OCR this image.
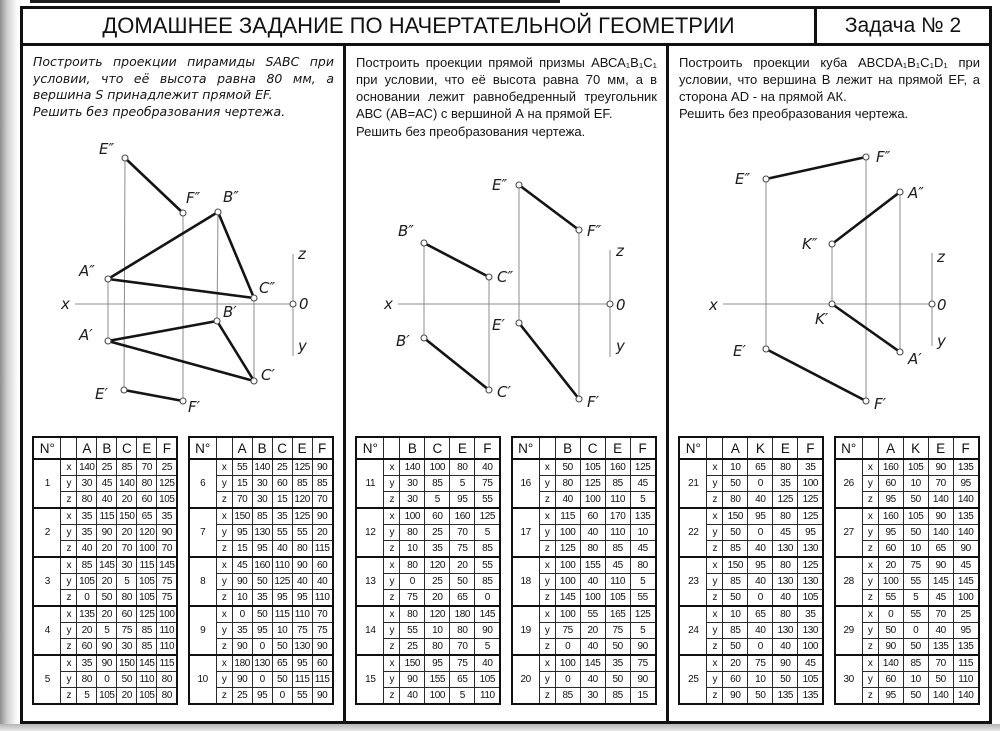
ДОМАШНЕЕ ЗАДАНИЕ ПО НАЧЕРТАТЕЛЬНОЙ ГЕОМЕТРИИ	Задача № 2

Построить проекции пирамиды SABC при условии, что её высота равна 80 мм, а вершина S принадлежит прямой EF.

Решить без преобразования чертежа.

E″
F″ B″
A″
C″
B′
A′
C′
E′
F′
x
z
0
y
N°		A	B	C	E	F
1	x	140	25	85	70	25
	y	30	45	140	80	125
	z	80	40	20	60	105
2	x	35	115	150	65	35
	y	35	90	20	120	90
	z	40	20	70	100	70
3	x	85	145	30	115	145
	y	105	20	5	105	75
	z	0	50	80	105	75
4	x	135	20	60	125	100
	y	20	5	75	85	110
	z	60	90	30	85	110
5	x	35	90	150	145	115
	y	80	0	50	110	80
	z	5	105	20	105	80
N°		A	B	C	E	F
6	x	55	140	25	125	90
	y	15	30	60	85	85
	z	70	30	15	120	70
7	x	150	85	35	125	90
	y	95	130	55	55	20
	z	15	95	40	80	115
8	x	45	160	110	90	60
	y	90	50	125	40	40
	z	10	35	95	95	110
9	x	0	50	115	110	70
	y	35	95	10	75	75
	z	90	0	50	130	90
10	x	180	130	65	95	60
	y	90	0	50	115	115
	z	25	95	0	55	90

Построить проекции прямой призмы АВСА₁В₁С₁ при условии, что её высота равна 70 мм, а в основании лежит равнобедренный треугольник АВС (АВ=АС) с вершиной А на прямой EF.

Решить без преобразования чертежа.

E″
F″
B″
C″
E′
B′
C′
F′
x
z
0
y
N°		B	C	E	F
11	x	140	100	80	40
	y	30	85	5	75
	z	30	5	95	55
12	x	100	60	160	125
	y	80	25	70	5
	z	10	35	75	85
13	x	80	120	20	55
	y	0	25	50	85
	z	75	20	65	0
14	x	80	120	180	145
	y	55	10	80	90
	z	25	80	70	5
15	x	150	95	75	40
	y	90	155	65	105
	z	40	100	5	110
N°		B	C	E	F
16	x	50	105	160	125
	y	80	125	85	45
	z	40	100	110	5
17	x	115	60	170	135
	y	100	40	110	10
	z	125	80	85	45
18	x	100	155	45	80
	y	100	40	110	5
	z	145	100	105	55
19	x	100	55	165	125
	y	75	20	75	5
	z	0	40	50	90
20	x	100	145	35	75
	y	0	40	50	90
	z	85	30	85	15

Построить проекции куба ABCDA₁B₁C₁D₁ при условии, что вершина В лежит на прямой EF, а сторона AD - на прямой АК.

Решить без преобразования чертежа.

F″
E″
A″
K″
K′
E′	A′
F′
x
z
0
y
N°		A	K	E	F
21	x	10	65	80	35
	y	50	0	35	100
	z	80	40	125	125
22	x	150	95	80	125
	y	50	0	45	95
	z	85	40	130	130
23	x	150	95	80	125
	y	85	40	130	130
	z	50	0	40	105
24	x	10	65	80	35
	y	85	40	130	130
	z	50	0	40	100
25	x	20	75	90	45
	y	60	10	50	105
	z	90	50	135	135
N°		A	K	E	F
26	x	160	105	90	135
	y	60	10	70	95
	z	95	50	140	140
27	x	160	105	90	135
	y	95	50	140	140
	z	60	10	65	90
28	x	20	75	90	45
	y	100	55	145	145
	z	55	5	45	100
29	x	0	55	70	25
	y	50	0	40	95
	z	90	50	135	135
30	x	140	85	70	115
	y	60	10	50	110
	z	95	50	140	140
